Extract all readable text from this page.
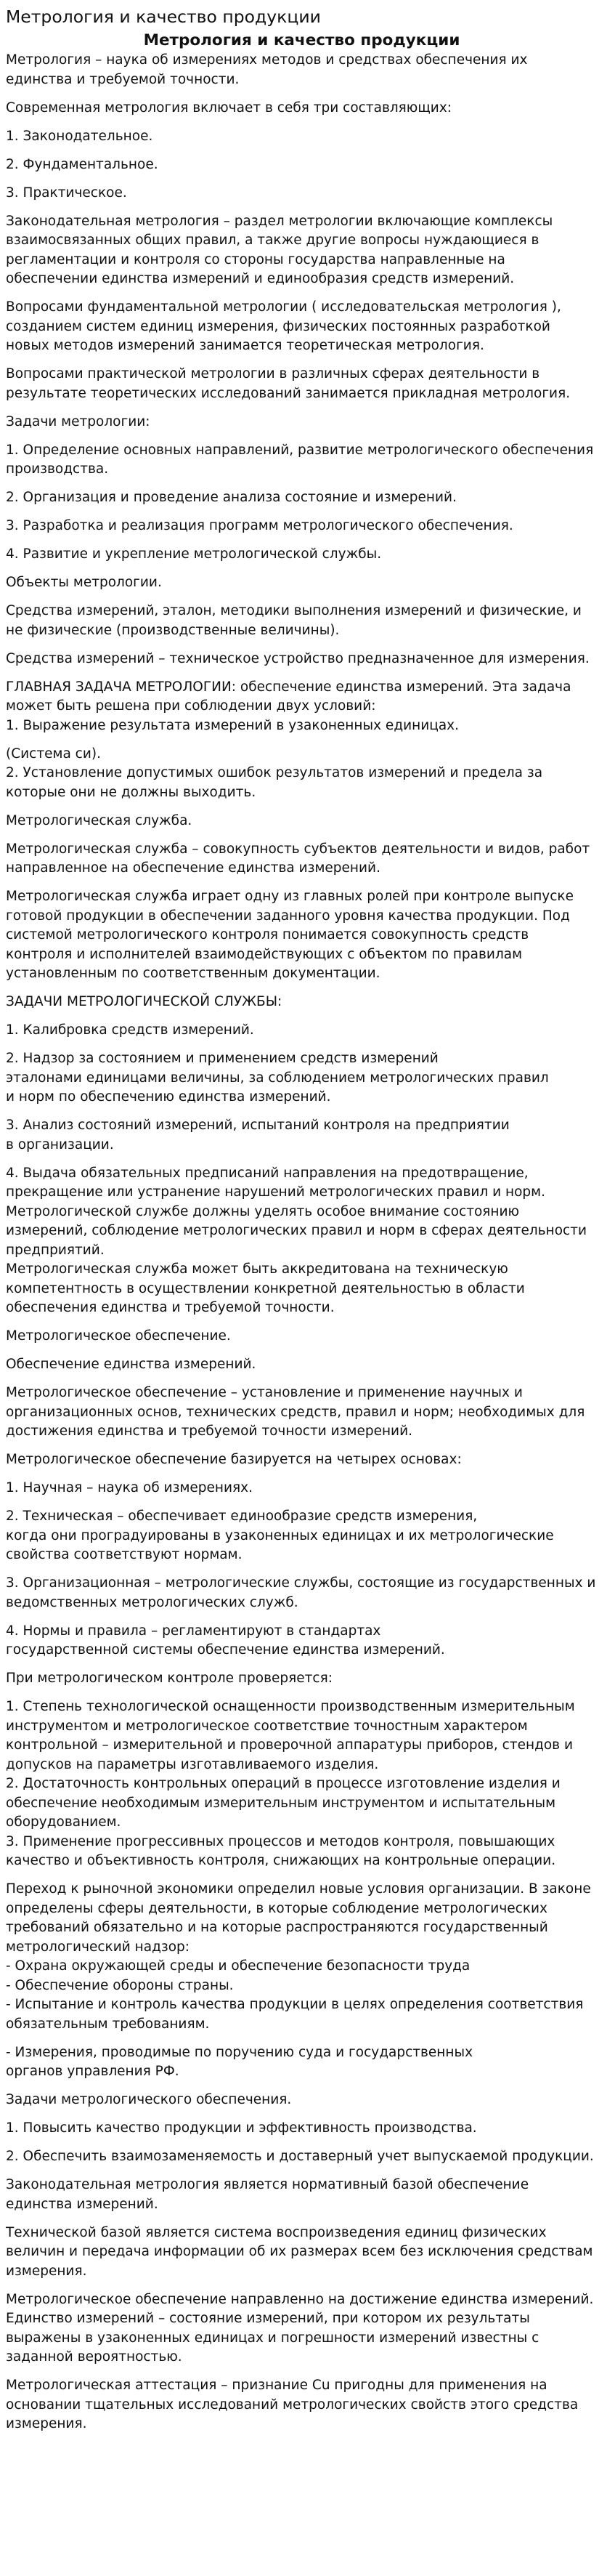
Метрология и качество продукции
Метрология и качество продукции

Метрология – наука об измерениях методов и средствах обеспечения их единства и требуемой точности.

Современная метрология включает в себя три составляющих:

1. Законодательное.

2. Фундаментальное.

3. Практическое.

Законодательная метрология – раздел метрологии включающие комплексы взаимосвязанных общих правил, а также другие вопросы нуждающиеся в регламентации и контроля со стороны государства направленные на обеспечении единства измерений и единообразия средств измерений.

Вопросами фундаментальной метрологии ( исследовательская метрология ), созданием систем единиц измерения, физических постоянных разработкой новых методов измерений занимается теоретическая метрология.

Вопросами практической метрологии в различных сферах деятельности в результате теоретических исследований занимается прикладная метрология.

Задачи метрологии:

1. Определение основных направлений, развитие метрологического обеспечения производства.

2. Организация и проведение анализа состояние и измерений.

3. Разработка и реализация программ метрологического обеспечения.

4. Развитие и укрепление метрологической службы.

Объекты метрологии.

Средства измерений, эталон, методики выполнения измерений и физические, и не физические (производственные величины).

Средства измерений – техническое устройство предназначенное для измерения.

ГЛАВНАЯ ЗАДАЧА МЕТРОЛОГИИ: обеспечение единства измерений. Эта задача может быть решена при соблюдении двух условий:
1. Выражение результата измерений в узаконенных единицах.

(Система си).
2. Установление допустимых ошибок результатов измерений и предела за которые они не должны выходить.

Метрологическая служба.

Метрологическая служба – совокупность субъектов деятельности и видов, работ направленное на обеспечение единства измерений.

Метрологическая служба играет одну из главных ролей при контроле выпуске готовой продукции в обеспечении заданного уровня качества продукции. Под системой метрологического контроля понимается совокупность средств контроля и исполнителей взаимодействующих с объектом по правилам установленным по соответственным документации.

ЗАДАЧИ МЕТРОЛОГИЧЕСКОЙ СЛУЖБЫ:

1. Калибровка средств измерений.

2. Надзор за состоянием и применением средств измерений
эталонами единицами величины, за соблюдением метрологических правил
и норм по обеспечению единства измерений.

3. Анализ состояний измерений, испытаний контроля на предприятии
в организации.

4. Выдача обязательных предписаний направления на предотвращение, прекращение или устранение нарушений метрологических правил и норм.
Метрологической службе должны уделять особое внимание состоянию измерений, соблюдение метрологических правил и норм в сферах деятельности предприятий.
Метрологическая служба может быть аккредитована на техническую компетентность в осуществлении конкретной деятельностью в области обеспечения единства и требуемой точности.

Метрологическое обеспечение.

Обеспечение единства измерений.

Метрологическое обеспечение – установление и применение научных и организационных основ, технических средств, правил и норм; необходимых для достижения единства и требуемой точности измерений.

Метрологическое обеспечение базируется на четырех основах:

1. Научная – наука об измерениях.

2. Техническая – обеспечивает единообразие средств измерения,
когда они проградуированы в узаконенных единицах и их метрологические свойства соответствуют нормам.

3. Организационная – метрологические службы, состоящие из государственных и ведомственных метрологических служб.

4. Нормы и правила – регламентируют в стандартах
государственной системы обеспечение единства измерений.

При метрологическом контроле проверяется:

1. Степень технологической оснащенности производственным измерительным инструментом и метрологическое соответствие точностным характером контрольной – измерительной и проверочной аппаратуры приборов, стендов и допусков на параметры изготавливаемого изделия.
2. Достаточность контрольных операций в процессе изготовление изделия и обеспечение необходимым измерительным инструментом и испытательным оборудованием.
3. Применение прогрессивных процессов и методов контроля, повышающих качество и объективность контроля, снижающих на контрольные операции.

Переход к рыночной экономики определил новые условия организации. В законе определены сферы деятельности, в которые соблюдение метрологических требований обязательно и на которые распространяются государственный метрологический надзор:
- Охрана окружающей среды и обеспечение безопасности труда
- Обеспечение обороны страны.
- Испытание и контроль качества продукции в целях определения соответствия обязательным требованиям.

- Измерения, проводимые по поручению суда и государственных
органов управления РФ.

Задачи метрологического обеспечения.

1. Повысить качество продукции и эффективность производства.

2. Обеспечить взаимозаменяемость и доставерный учет выпускаемой продукции.

Законодательная метрология является нормативный базой обеспечение единства измерений.

Технической базой является система воспроизведения единиц физических величин и передача информации об их размерах всем без исключения средствам измерения.

Метрологическое обеспечение направленно на достижение единства измерений.
Единство измерений – состояние измерений, при котором их результаты выражены в узаконенных единицах и погрешности измерений известны с заданной вероятностью.

Метрологическая аттестация – признание Cu пригодны для применения на основании тщательных исследований метрологических свойств этого средства измерения.
